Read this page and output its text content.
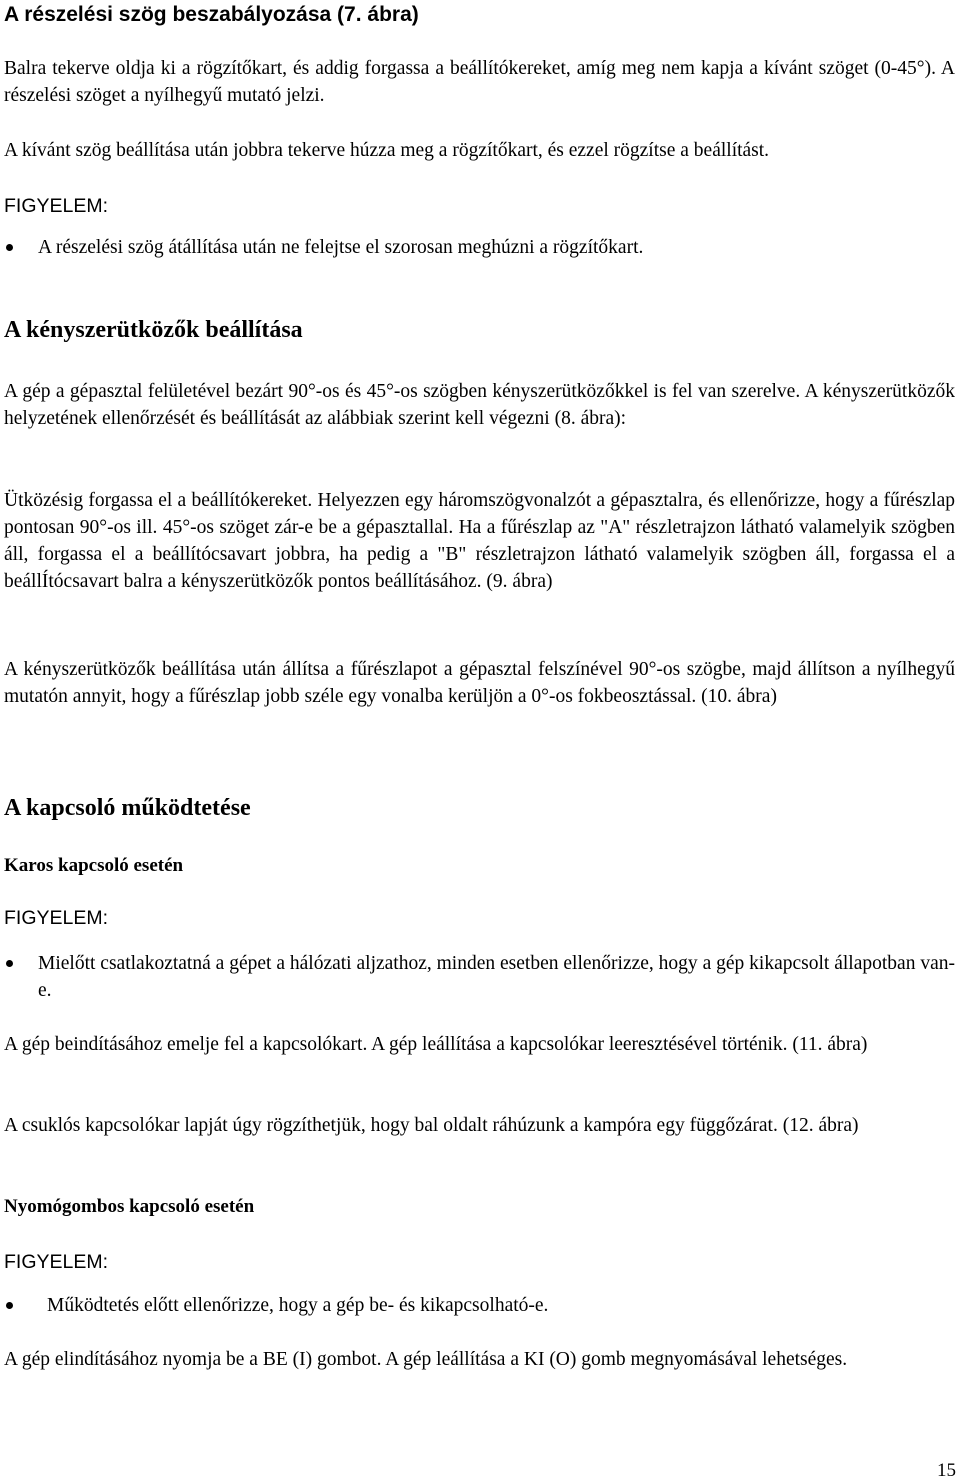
A részelési szög beszabályozása (7. ábra)

Balra tekerve oldja ki a rögzítőkart, és addig forgassa a beállítókereket, amíg meg nem kapja a kívánt szöget (0-45°). A részelési szöget a nyílhegyű mutató jelzi.

A kívánt szög beállítása után jobbra tekerve húzza meg a rögzítőkart, és ezzel rögzítse a beállítást.

FIGYELEM:

A részelési szög átállítása után ne felejtse el szorosan meghúzni a rögzítőkart.

A kényszerütközők beállítása

A gép a gépasztal felületével bezárt 90°-os és 45°-os szögben kényszerütközőkkel is fel van szerelve. A kényszerütközők helyzetének ellenőrzését és beállítását az alábbiak szerint kell végezni (8. ábra):

Ütközésig forgassa el a beállítókereket. Helyezzen egy háromszögvonalzót a gépasztalra, és ellenőrizze, hogy a fűrészlap pontosan 90°-os ill. 45°-os szöget zár-e be a gépasztallal. Ha a fűrészlap az "A" részletrajzon látható valamelyik szögben áll, forgassa el a beállítócsavart jobbra, ha pedig a "B" részletrajzon látható valamelyik szögben áll, forgassa el a beállÍtócsavart balra a kényszerütközők pontos beállításához. (9. ábra)

A kényszerütközők beállítása után állítsa a fűrészlapot a gépasztal felszínével 90°-os szögbe, majd állítson a nyílhegyű mutatón annyit, hogy a fűrészlap jobb széle egy vonalba kerüljön a 0°-os fokbeosztással. (10. ábra)

A kapcsoló működtetése
Karos kapcsoló esetén

FIGYELEM:

Mielőtt csatlakoztatná a gépet a hálózati aljzathoz, minden esetben ellenőrizze, hogy a gép kikapcsolt állapotban van-e.

A gép beindításához emelje fel a kapcsolókart. A gép leállítása a kapcsolókar leeresztésével történik. (11. ábra)

A csuklós kapcsolókar lapját úgy rögzíthetjük, hogy bal oldalt ráhúzunk a kampóra egy függőzárat. (12. ábra)

Nyomógombos kapcsoló esetén

FIGYELEM:

Működtetés előtt ellenőrizze, hogy a gép be- és kikapcsolható-e.

A gép elindításához nyomja be a BE (I) gombot. A gép leállítása a KI (O) gomb megnyomásával lehetséges.

15
